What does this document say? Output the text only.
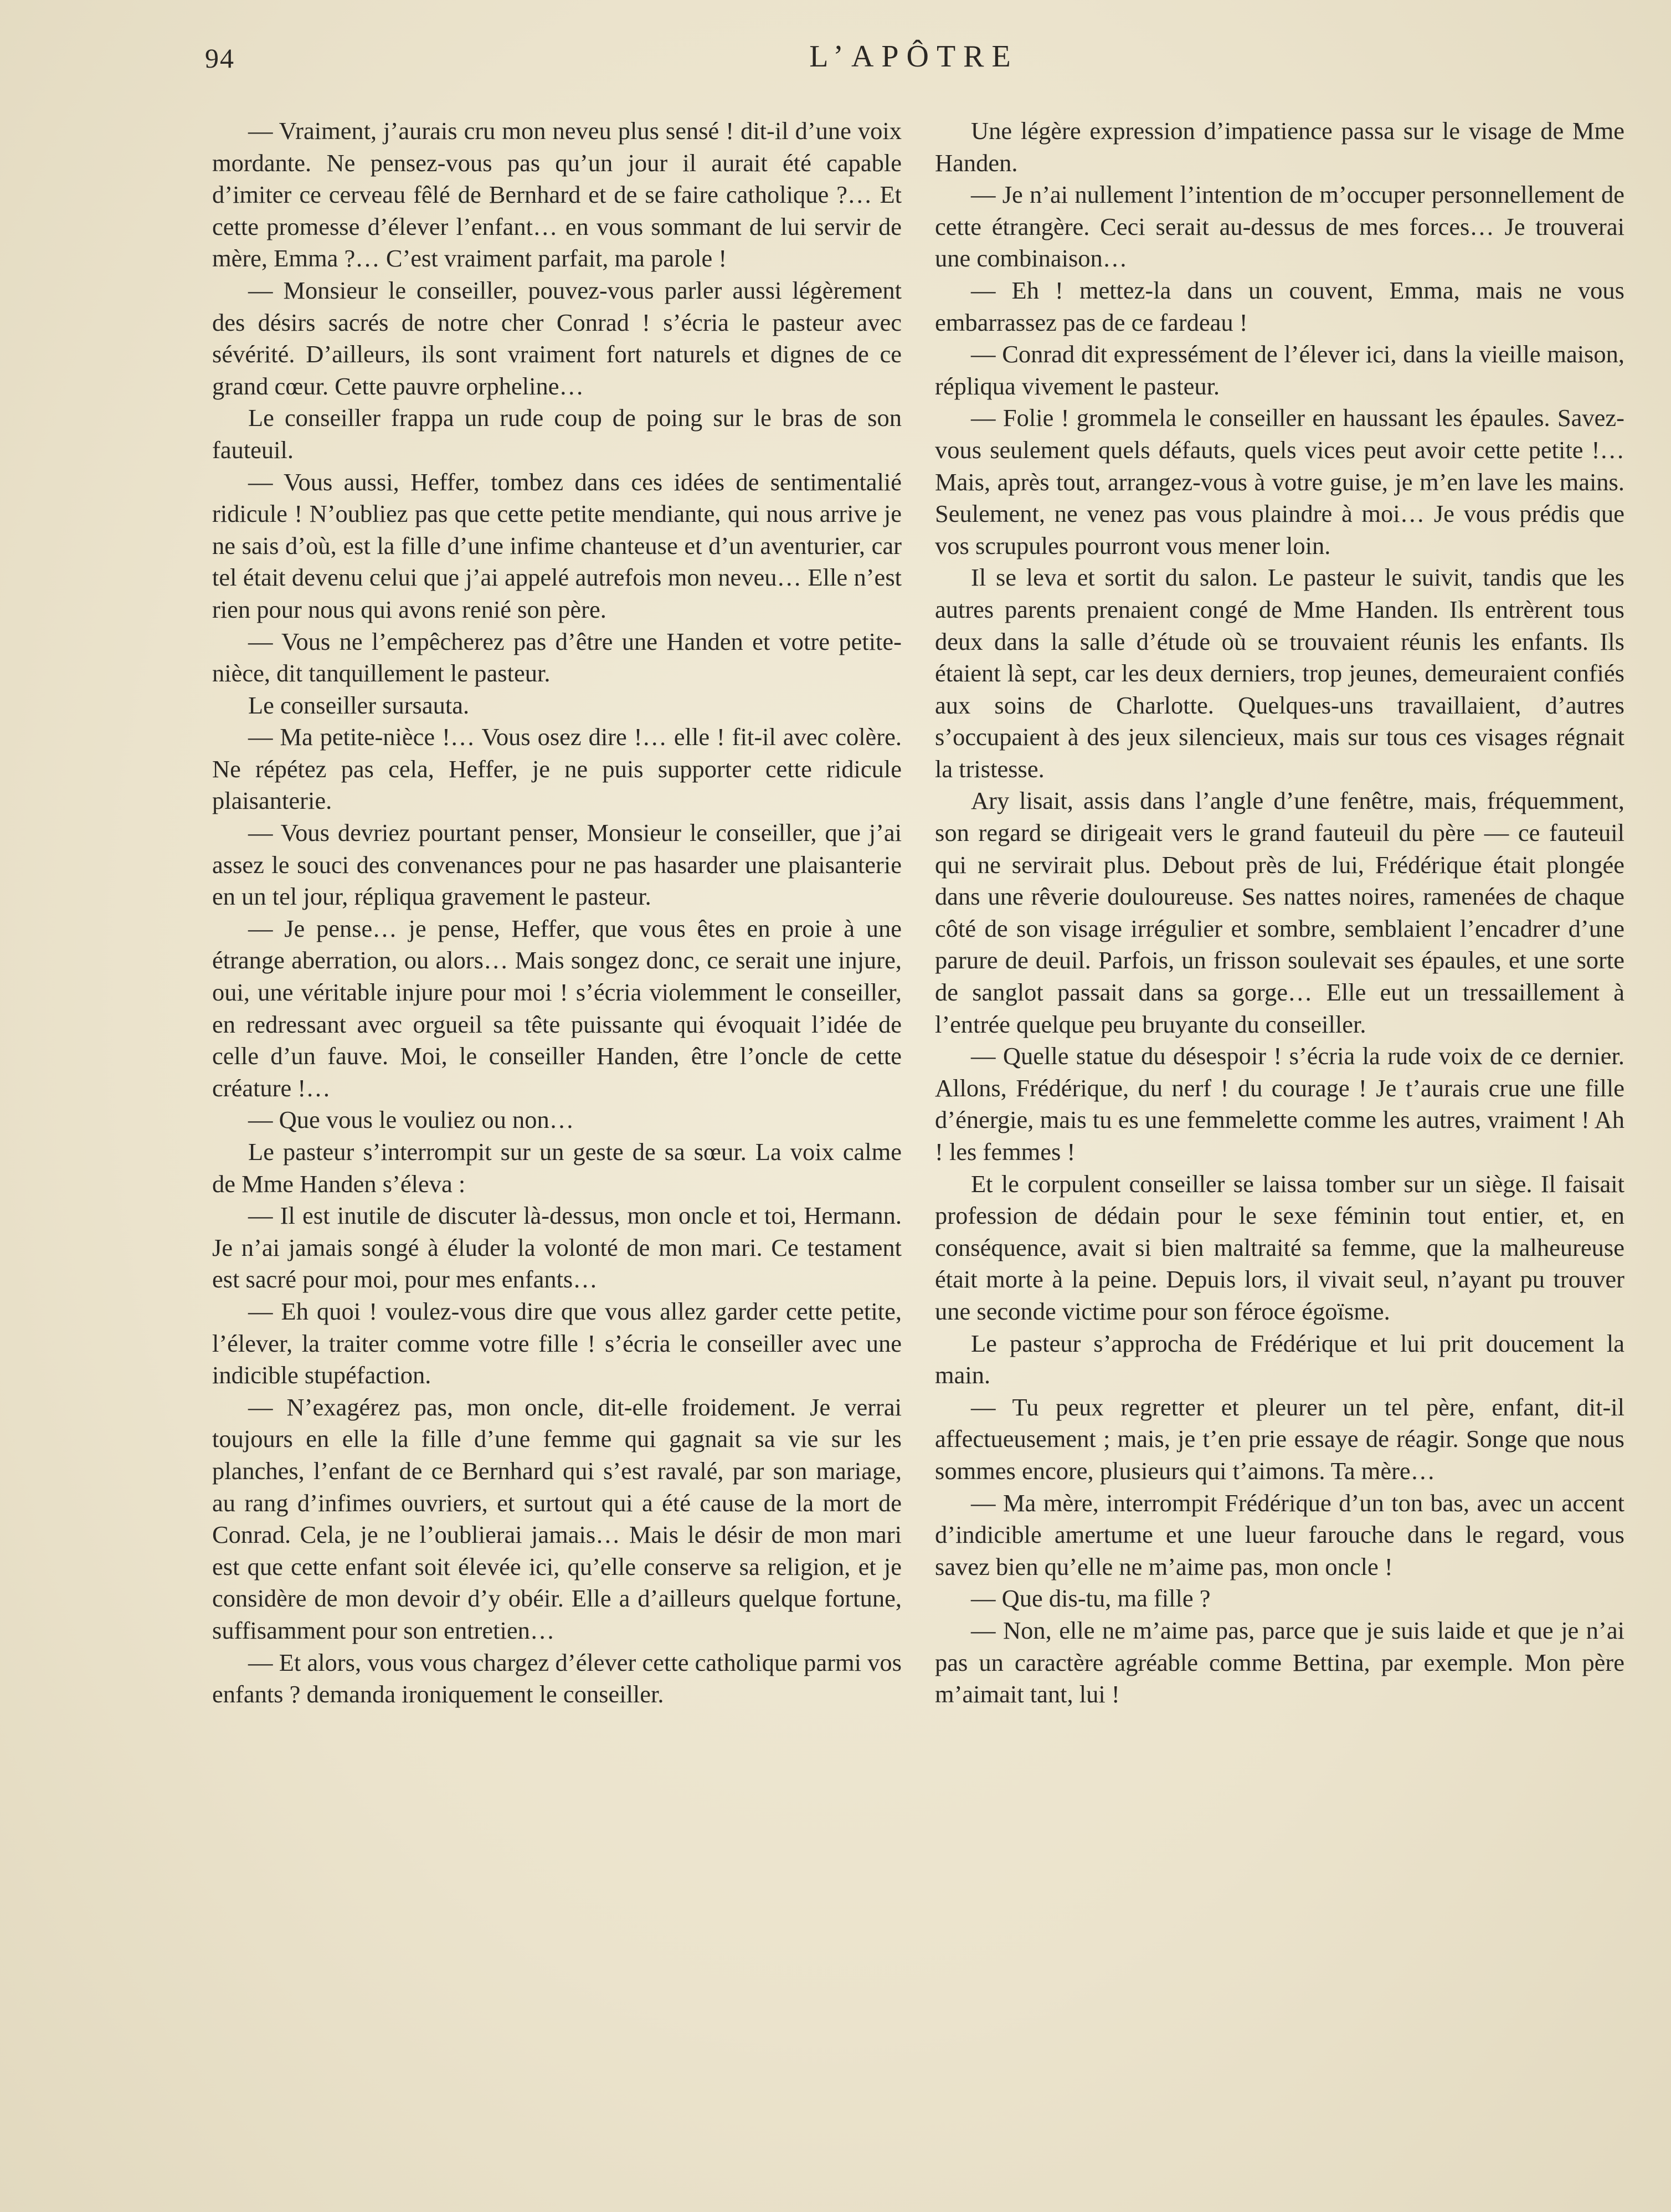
94	L’APÔTRE

— Vraiment, j’aurais cru mon neveu plus sensé ! dit-il d’une voix mordante. Ne pensez-vous pas qu’un jour il aurait été capable d’imiter ce cerveau fêlé de Bernhard et de se faire catholique ?… Et cette promesse d’élever l’enfant… en vous sommant de lui servir de mère, Emma ?… C’est vraiment parfait, ma parole !

— Monsieur le conseiller, pouvez-vous parler aussi légèrement des désirs sacrés de notre cher Conrad ! s’écria le pasteur avec sévérité. D’ailleurs, ils sont vraiment fort naturels et dignes de ce grand cœur. Cette pauvre orpheline…

Le conseiller frappa un rude coup de poing sur le bras de son fauteuil.

— Vous aussi, Heffer, tombez dans ces idées de sentimentalié ridicule ! N’oubliez pas que cette petite mendiante, qui nous arrive je ne sais d’où, est la fille d’une infime chanteuse et d’un aventurier, car tel était devenu celui que j’ai appelé autrefois mon neveu… Elle n’est rien pour nous qui avons renié son père.

— Vous ne l’empêcherez pas d’être une Handen et votre petite-nièce, dit tanquillement le pasteur.

Le conseiller sursauta.

— Ma petite-nièce !… Vous osez dire !… elle ! fit-il avec colère. Ne répétez pas cela, Heffer, je ne puis supporter cette ridicule plaisanterie.

— Vous devriez pourtant penser, Monsieur le conseiller, que j’ai assez le souci des convenances pour ne pas hasarder une plaisanterie en un tel jour, répliqua gravement le pasteur.

— Je pense… je pense, Heffer, que vous êtes en proie à une étrange aberration, ou alors… Mais songez donc, ce serait une injure, oui, une véritable injure pour moi ! s’écria violemment le conseiller, en redressant avec orgueil sa tête puissante qui évoquait l’idée de celle d’un fauve. Moi, le conseiller Handen, être l’oncle de cette créature !…

— Que vous le vouliez ou non…

Le pasteur s’interrompit sur un geste de sa sœur. La voix calme de Mme Handen s’éleva :

— Il est inutile de discuter là-dessus, mon oncle et toi, Hermann. Je n’ai jamais songé à éluder la volonté de mon mari. Ce testament est sacré pour moi, pour mes enfants…

— Eh quoi ! voulez-vous dire que vous allez garder cette petite, l’élever, la traiter comme votre fille ! s’écria le conseiller avec une indicible stupéfaction.

— N’exagérez pas, mon oncle, dit-elle froidement. Je verrai toujours en elle la fille d’une femme qui gagnait sa vie sur les planches, l’enfant de ce Bernhard qui s’est ravalé, par son mariage, au rang d’infimes ouvriers, et surtout qui a été cause de la mort de Conrad. Cela, je ne l’oublierai jamais… Mais le désir de mon mari est que cette enfant soit élevée ici, qu’elle conserve sa religion, et je considère de mon devoir d’y obéir. Elle a d’ailleurs quelque fortune, suffisamment pour son entretien…

— Et alors, vous vous chargez d’élever cette catholique parmi vos enfants ? demanda ironiquement le conseiller.

Une légère expression d’impatience passa sur le visage de Mme Handen.

— Je n’ai nullement l’intention de m’occuper personnellement de cette étrangère. Ceci serait au-dessus de mes forces… Je trouverai une combinaison…

— Eh ! mettez-la dans un couvent, Emma, mais ne vous embarrassez pas de ce fardeau !

— Conrad dit expressément de l’élever ici, dans la vieille maison, répliqua vivement le pasteur.

— Folie ! grommela le conseiller en haussant les épaules. Savez-vous seulement quels défauts, quels vices peut avoir cette petite !… Mais, après tout, arrangez-vous à votre guise, je m’en lave les mains. Seulement, ne venez pas vous plaindre à moi… Je vous prédis que vos scrupules pourront vous mener loin.

Il se leva et sortit du salon. Le pasteur le suivit, tandis que les autres parents prenaient congé de Mme Handen. Ils entrèrent tous deux dans la salle d’étude où se trouvaient réunis les enfants. Ils étaient là sept, car les deux derniers, trop jeunes, demeuraient confiés aux soins de Charlotte. Quelques-uns travaillaient, d’autres s’occupaient à des jeux silencieux, mais sur tous ces visages régnait la tristesse.

Ary lisait, assis dans l’angle d’une fenêtre, mais, fréquemment, son regard se dirigeait vers le grand fauteuil du père — ce fauteuil qui ne servirait plus. Debout près de lui, Frédérique était plongée dans une rêverie douloureuse. Ses nattes noires, ramenées de chaque côté de son visage irrégulier et sombre, semblaient l’encadrer d’une parure de deuil. Parfois, un frisson soulevait ses épaules, et une sorte de sanglot passait dans sa gorge… Elle eut un tressaillement à l’entrée quelque peu bruyante du conseiller.

— Quelle statue du désespoir ! s’écria la rude voix de ce dernier. Allons, Frédérique, du nerf ! du courage ! Je t’aurais crue une fille d’énergie, mais tu es une femmelette comme les autres, vraiment ! Ah ! les femmes !

Et le corpulent conseiller se laissa tomber sur un siège. Il faisait profession de dédain pour le sexe féminin tout entier, et, en conséquence, avait si bien maltraité sa femme, que la malheureuse était morte à la peine. Depuis lors, il vivait seul, n’ayant pu trouver une seconde victime pour son féroce égoïsme.

Le pasteur s’approcha de Frédérique et lui prit doucement la main.

— Tu peux regretter et pleurer un tel père, enfant, dit-il affectueusement ; mais, je t’en prie essaye de réagir. Songe que nous sommes encore, plusieurs qui t’aimons. Ta mère…

— Ma mère, interrompit Frédérique d’un ton bas, avec un accent d’indicible amertume et une lueur farouche dans le regard, vous savez bien qu’elle ne m’aime pas, mon oncle !

— Que dis-tu, ma fille ?

— Non, elle ne m’aime pas, parce que je suis laide et que je n’ai pas un caractère agréable comme Bettina, par exemple. Mon père m’aimait tant, lui !
